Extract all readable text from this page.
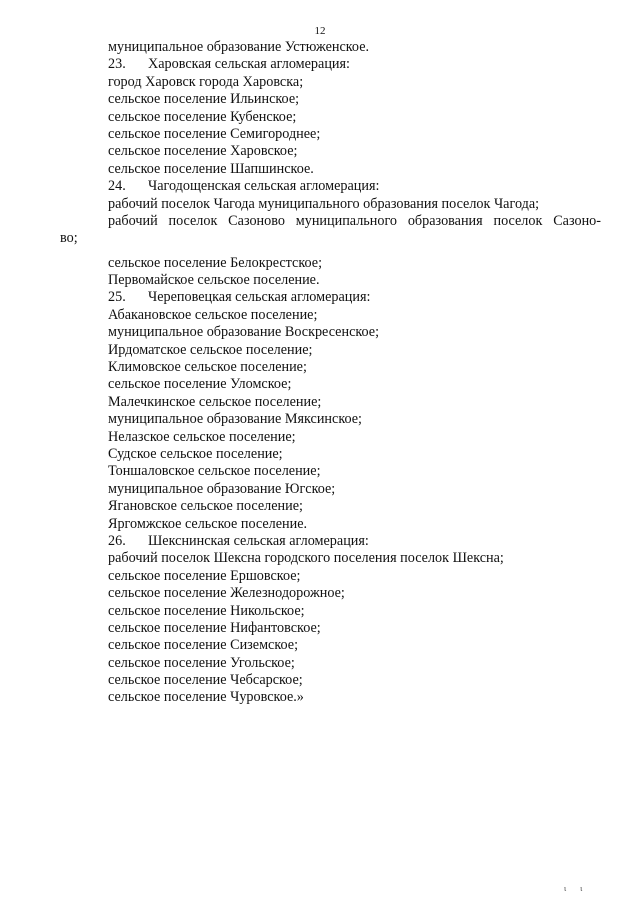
12
муниципальное образование Устюженское.
23. Харовская сельская агломерация:
город Харовск города Харовска;
сельское поселение Ильинское;
сельское поселение Кубенское;
сельское поселение Семигороднее;
сельское поселение Харовское;
сельское поселение Шапшинское.
24. Чагодощенская сельская агломерация:
рабочий поселок Чагода муниципального образования поселок Чагода;
рабочий поселок Сазоново муниципального образования поселок Сазоно-
во;
сельское поселение Белокрестское;
Первомайское сельское поселение.
25. Череповецкая сельская агломерация:
Абакановское сельское поселение;
муниципальное образование Воскресенское;
Ирдоматское сельское поселение;
Климовское сельское поселение;
сельское поселение Уломское;
Малечкинское сельское поселение;
муниципальное образование Мяксинское;
Нелазское сельское поселение;
Судское сельское поселение;
Тоншаловское сельское поселение;
муниципальное образование Югское;
Ягановское сельское поселение;
Яргомжское сельское поселение.
26. Шекснинская сельская агломерация:
рабочий поселок Шексна городского поселения поселок Шексна;
сельское поселение Ершовское;
сельское поселение Железнодорожное;
сельское поселение Никольское;
сельское поселение Нифантовское;
сельское поселение Сиземское;
сельское поселение Угольское;
сельское поселение Чебсарское;
сельское поселение Чуровское.»
ι ι
